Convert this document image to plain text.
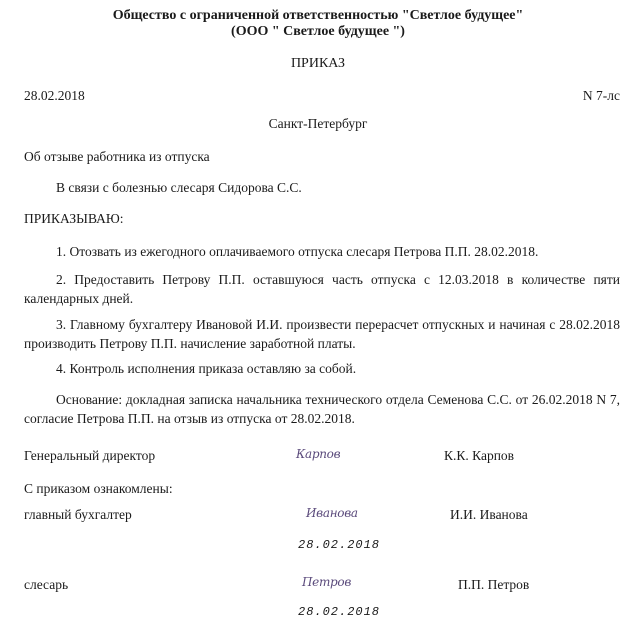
Общество с ограниченной ответственностью "Светлое будущее"
(ООО " Светлое будущее ")
ПРИКАЗ
28.02.2018	N 7-лс
Санкт-Петербург
Об отзыве работника из отпуска
В связи с болезнью слесаря Сидорова С.С.
ПРИКАЗЫВАЮ:
1. Отозвать из ежегодного оплачиваемого отпуска слесаря Петрова П.П. 28.02.2018.
2. Предоставить Петрову П.П. оставшуюся часть отпуска с 12.03.2018 в количестве пяти календарных дней.
3. Главному бухгалтеру Ивановой И.И. произвести перерасчет отпускных и начиная с 28.02.2018 производить Петрову П.П. начисление заработной платы.
4. Контроль исполнения приказа оставляю за собой.
Основание: докладная записка начальника технического отдела Семенова С.С. от 26.02.2018 N 7, согласие Петрова П.П. на отзыв из отпуска от 28.02.2018.
Генеральный директор	Карпов	К.К. Карпов
С приказом ознакомлены:
главный бухгалтер	Иванова	И.И. Иванова
28.02.2018
слесарь	Петров	П.П. Петров
28.02.2018
